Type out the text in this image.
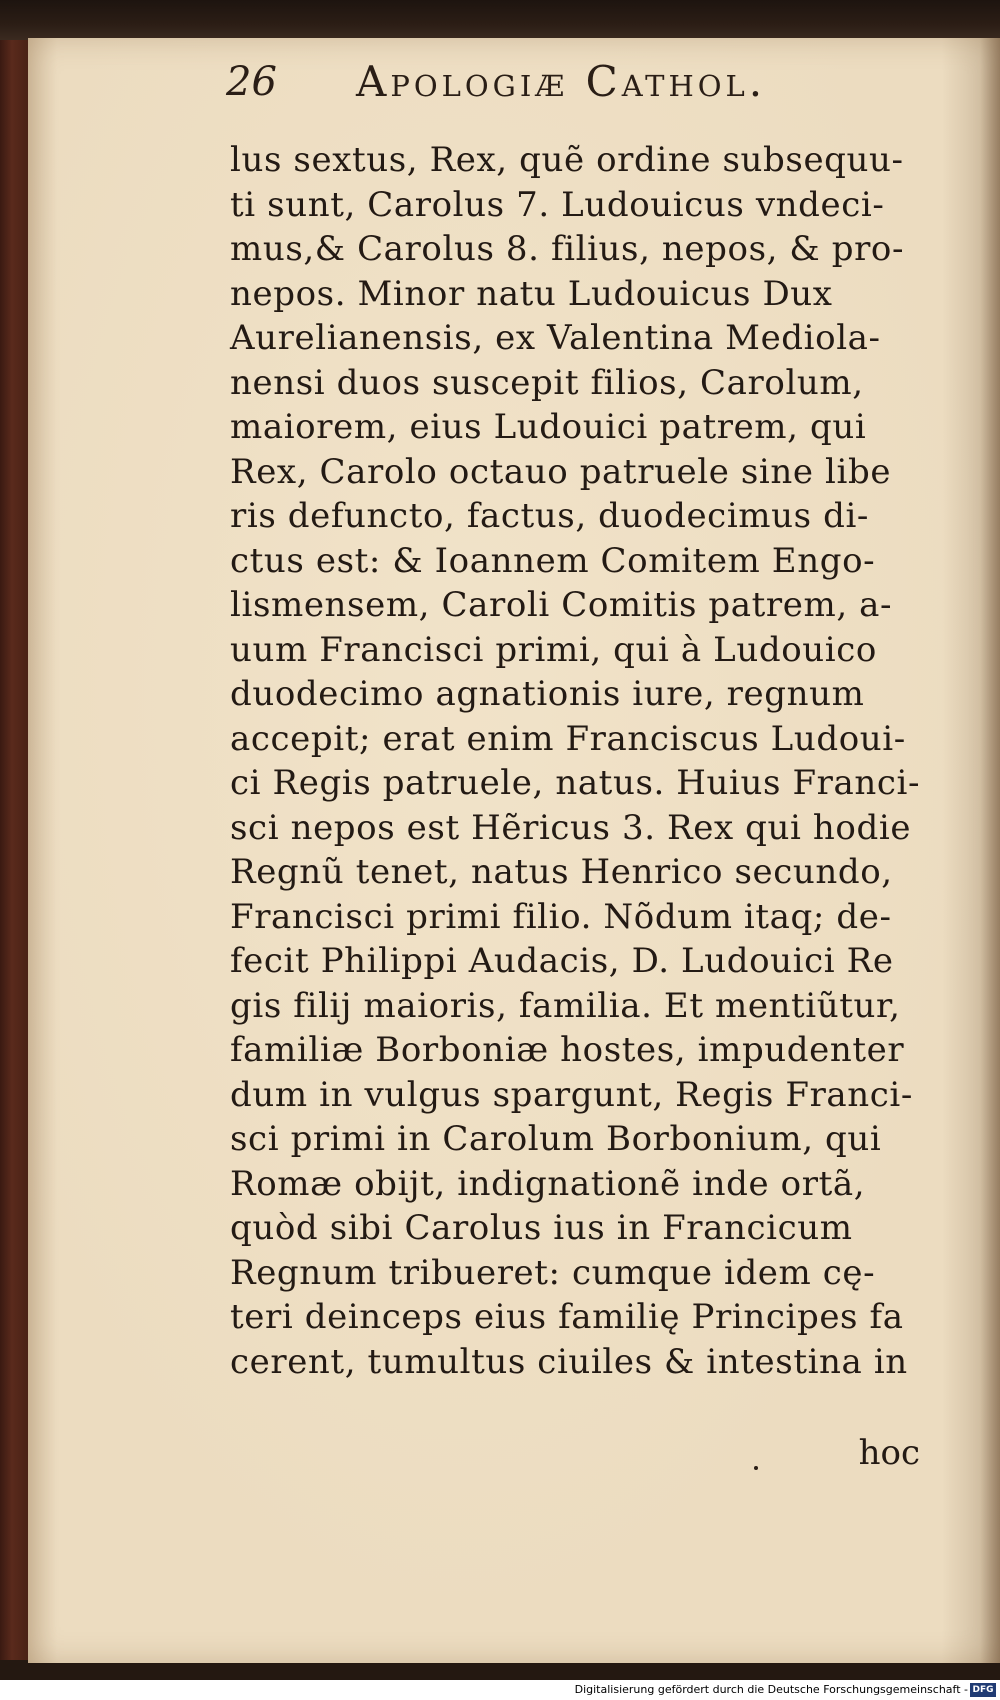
26 Apologiæ Cathol.
lus sextus, Rex, quẽ ordine subsequu-
ti sunt, Carolus 7. Ludouicus vndeci-
mus,& Carolus 8. filius, nepos, & pro-
nepos. Minor natu Ludouicus Dux
Aurelianensis, ex Valentina Mediola-
nensi duos suscepit filios, Carolum,
maiorem, eius Ludouici patrem, qui
Rex, Carolo octauo patruele sine libe
ris defuncto, factus, duodecimus di-
ctus est: & Ioannem Comitem Engo-
lismensem, Caroli Comitis patrem, a-
uum Francisci primi, qui à Ludouico
duodecimo agnationis iure, regnum
accepit; erat enim Franciscus Ludoui-
ci Regis patruele, natus. Huius Franci-
sci nepos est Hẽricus 3. Rex qui hodie
Regnũ tenet, natus Henrico secundo,
Francisci primi filio. Nõdum itaq; de-
fecit Philippi Audacis, D. Ludouici Re
gis filij maioris, familia. Et mentiũtur,
familiæ Borboniæ hostes, impudenter
dum in vulgus spargunt, Regis Franci-
sci primi in Carolum Borbonium, qui
Romæ obijt, indignationẽ inde ortã,
quòd sibi Carolus ius in Francicum
Regnum tribueret: cumque idem cę-
teri deinceps eius familię Principes fa
cerent, tumultus ciuiles & intestina in
hoc
Digitalisierung gefördert durch die Deutsche Forschungsgemeinschaft - DFG
